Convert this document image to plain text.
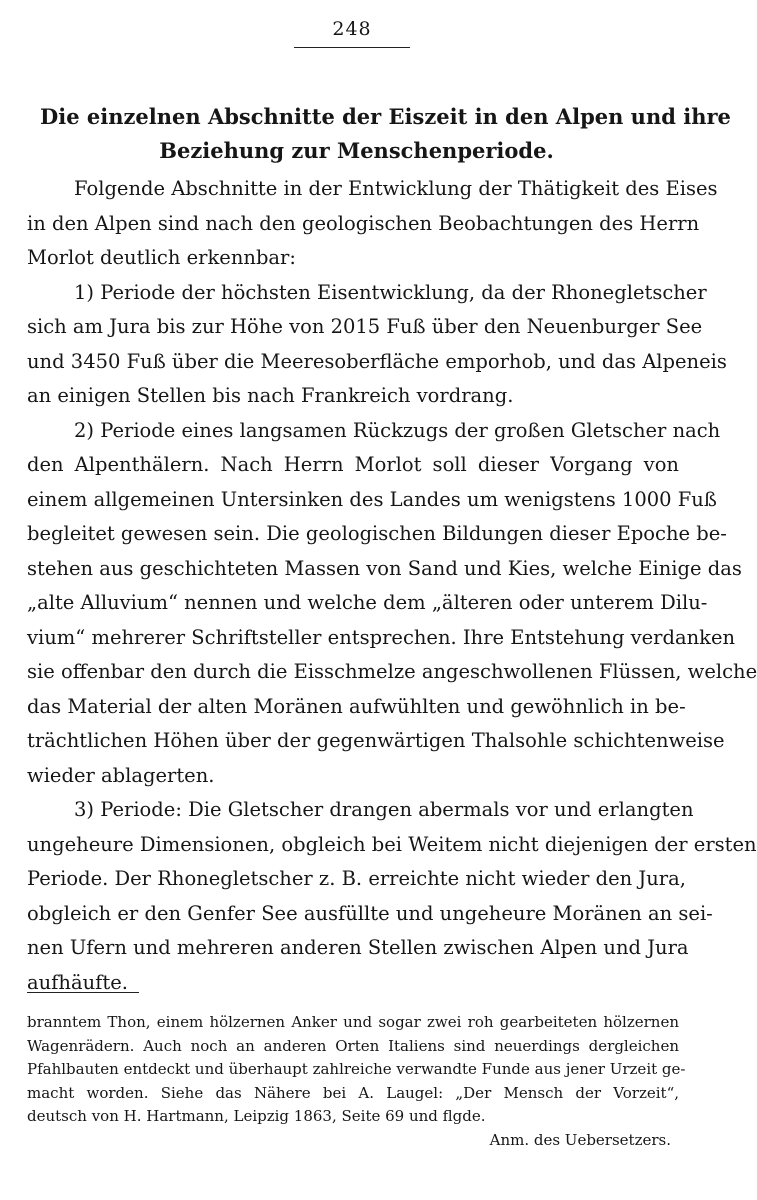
248
Die einzelnen Abschnitte der Eiszeit in den Alpen und ihre
Beziehung zur Menschenperiode.
Folgende Abschnitte in der Entwicklung der Thätigkeit des Eises
in den Alpen sind nach den geologischen Beobachtungen des Herrn
Morlot deutlich erkennbar:
1) Periode der höchsten Eisentwicklung, da der Rhonegletscher
sich am Jura bis zur Höhe von 2015 Fuß über den Neuenburger See
und 3450 Fuß über die Meeresoberfläche emporhob, und das Alpeneis
an einigen Stellen bis nach Frankreich vordrang.
2) Periode eines langsamen Rückzugs der großen Gletscher nach
den Alpenthälern. Nach Herrn Morlot soll dieser Vorgang von
einem allgemeinen Untersinken des Landes um wenigstens 1000 Fuß
begleitet gewesen sein. Die geologischen Bildungen dieser Epoche be-
stehen aus geschichteten Massen von Sand und Kies, welche Einige das
„alte Alluvium“ nennen und welche dem „älteren oder unterem Dilu-
vium“ mehrerer Schriftsteller entsprechen. Ihre Entstehung verdanken
sie offenbar den durch die Eisschmelze angeschwollenen Flüssen, welche
das Material der alten Moränen aufwühlten und gewöhnlich in be-
trächtlichen Höhen über der gegenwärtigen Thalsohle schichtenweise
wieder ablagerten.
3) Periode: Die Gletscher drangen abermals vor und erlangten
ungeheure Dimensionen, obgleich bei Weitem nicht diejenigen der ersten
Periode. Der Rhonegletscher z. B. erreichte nicht wieder den Jura,
obgleich er den Genfer See ausfüllte und ungeheure Moränen an sei-
nen Ufern und mehreren anderen Stellen zwischen Alpen und Jura
aufhäufte.
branntem Thon, einem hölzernen Anker und sogar zwei roh gearbeiteten hölzernen
Wagenrädern. Auch noch an anderen Orten Italiens sind neuerdings dergleichen
Pfahlbauten entdeckt und überhaupt zahlreiche verwandte Funde aus jener Urzeit ge-
macht worden. Siehe das Nähere bei A. Laugel: „Der Mensch der Vorzeit“,
deutsch von H. Hartmann, Leipzig 1863, Seite 69 und flgde.
Anm. des Uebersetzers.
